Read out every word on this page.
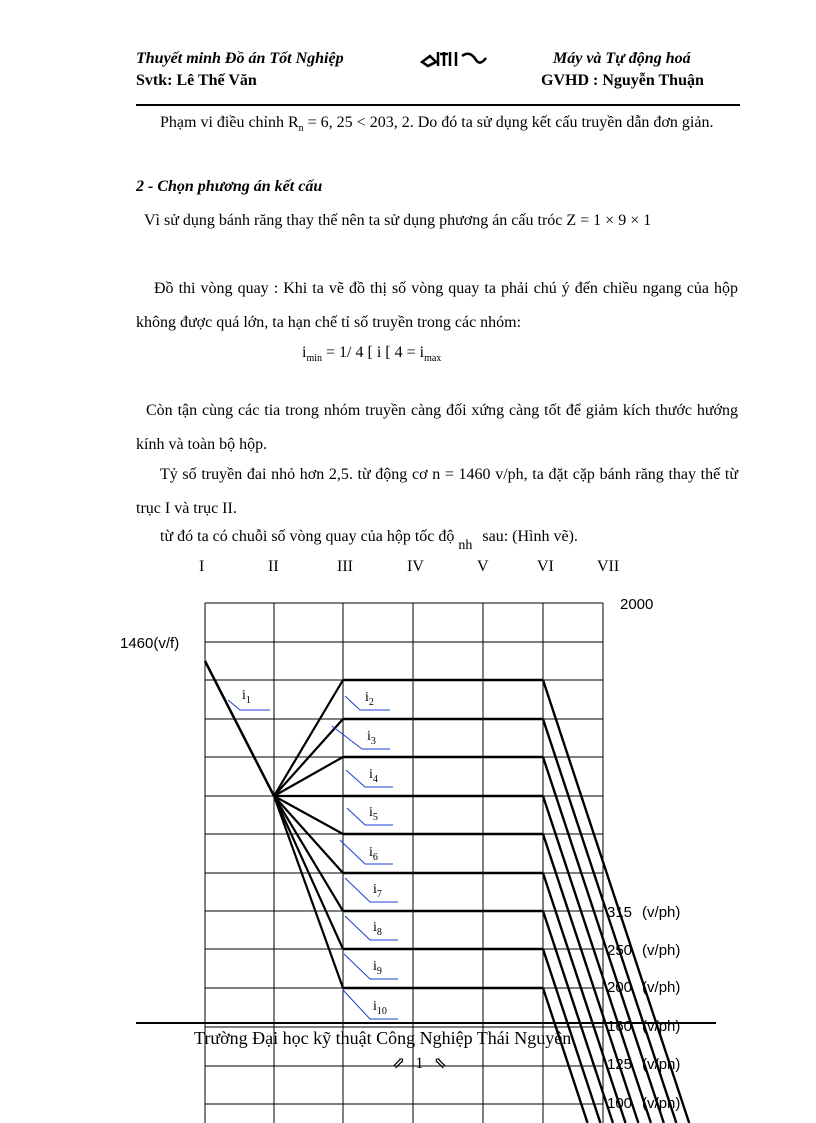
Thuyết minh Đồ án Tốt Nghiệp
Svtk: Lê Thế Văn
Máy và Tự động hoá
GVHD : Nguyễn Thuận
Phạm vi điều chỉnh $R_n = 6$, 25 < 203, 2. Do đó ta sử dụng kết cấu truyền dẫn đơn giản.
2 - Chọn phương án kết cấu
Vì sử dụng bánh răng thay thế nên ta sử dụng phương án cấu tróc Z = 1 × 9 × 1
Đồ thi vòng quay : Khi ta vẽ đồ thị số vòng quay ta phải chú ý đến chiều ngang của hộp không được quá lớn, ta hạn chế tỉ số truyền trong các nhóm:
$i_{min} = 1/$ 4 [ i [ $4 = i_{max}$
Còn tận cùng các tia trong nhóm truyền càng đối xứng càng tốt để giảm kích thước hướng kính và toàn bộ hộp.
Tỷ số truyền đai nhỏ hơn 2,5. từ động cơ n = 1460 v/ph, ta đặt cặp bánh răng thay thế từ trục I và trục II.
từ đó ta có chuỗi số vòng quay của hộp tốc độ $_{nh}$ sau: (Hình vẽ).
I	II	III	IV	V	VI	VII
2000
1460(v/f)
315 (v/ph)
250 (v/ph)
200 (v/ph)
160 (v/ph)
125 (v/ph)
100 (v/ph)
$i_1$	$i_2$
$i_3$
$i_4$
$i_5$
$i_6$
$i_7$
$i_8$
$i_9$
$i_{10}$
Trường Đại học kỹ thuật Công Nghiệp Thái Nguyên
⇗ 1 ⇖
